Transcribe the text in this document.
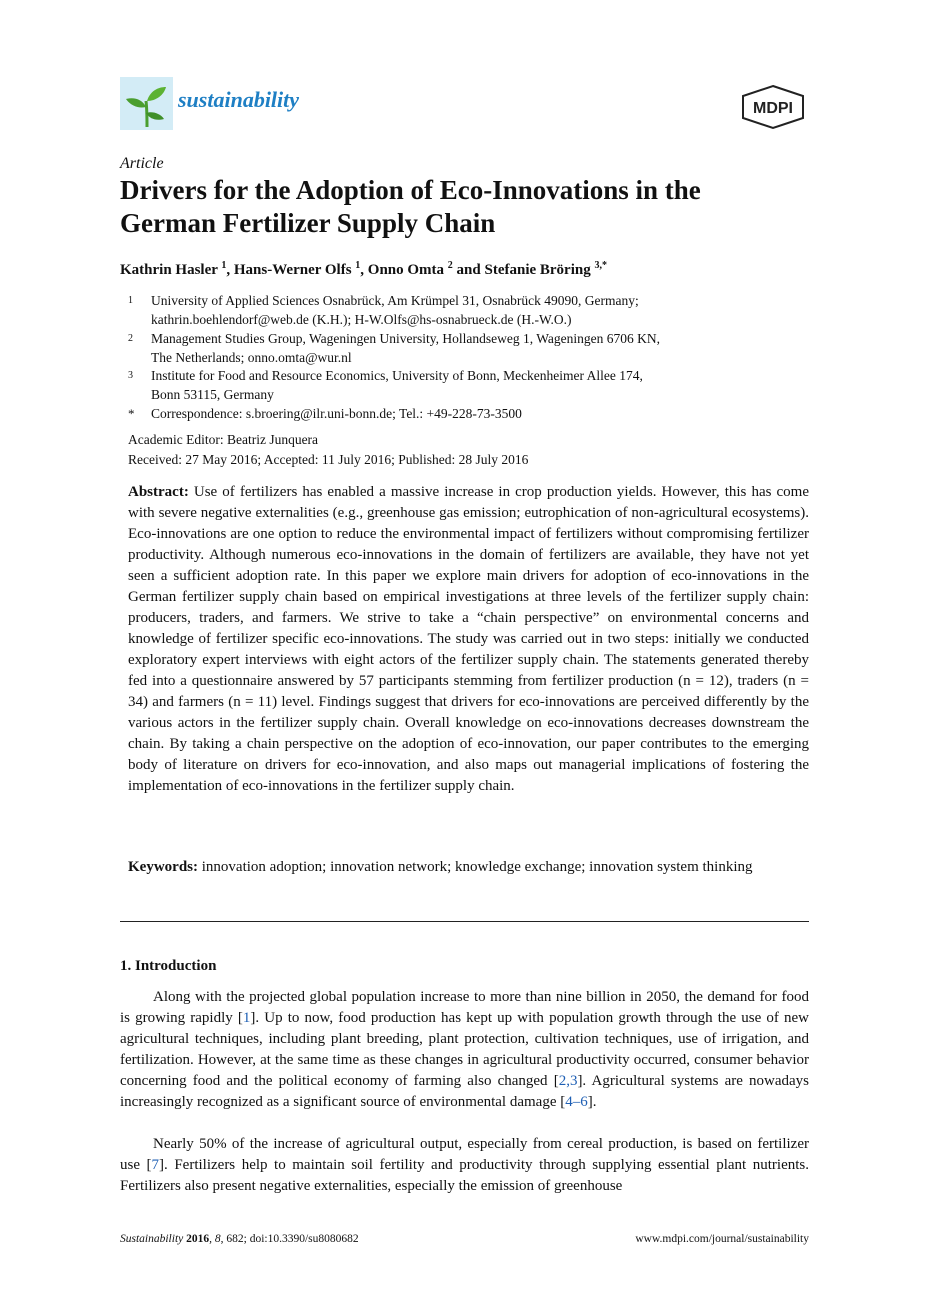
sustainability	MDPI
Article
Drivers for the Adoption of Eco-Innovations in the
German Fertilizer Supply Chain
Kathrin Hasler $^1$, Hans-Werner Olfs $^1$, Onno Omta $^2$ and Stefanie Bröring $^{3,*}$
1 University of Applied Sciences Osnabrück, Am Krümpel 31, Osnabrück 49090, Germany;
kathrin.boehlendorf@web.de (K.H.); H-W.Olfs@hs-osnabrueck.de (H.-W.O.)
2 Management Studies Group, Wageningen University, Hollandseweg 1, Wageningen 6706 KN,
The Netherlands; onno.omta@wur.nl
3 Institute for Food and Resource Economics, University of Bonn, Meckenheimer Allee 174,
Bonn 53115, Germany
* Correspondence: s.broering@ilr.uni-bonn.de; Tel.: +49-228-73-3500
Academic Editor: Beatriz Junquera
Received: 27 May 2016; Accepted: 11 July 2016; Published: 28 July 2016
Abstract: Use of fertilizers has enabled a massive increase in crop production yields. However, this has come with severe negative externalities (e.g., greenhouse gas emission; eutrophication of non-agricultural ecosystems). Eco-innovations are one option to reduce the environmental impact of fertilizers without compromising fertilizer productivity. Although numerous eco-innovations in the domain of fertilizers are available, they have not yet seen a sufficient adoption rate. In this paper we explore main drivers for adoption of eco-innovations in the German fertilizer supply chain based on empirical investigations at three levels of the fertilizer supply chain: producers, traders, and farmers. We strive to take a “chain perspective” on environmental concerns and knowledge of fertilizer specific eco-innovations. The study was carried out in two steps: initially we conducted exploratory expert interviews with eight actors of the fertilizer supply chain. The statements generated thereby fed into a questionnaire answered by 57 participants stemming from fertilizer production (n = 12), traders (n = 34) and farmers (n = 11) level. Findings suggest that drivers for eco-innovations are perceived differently by the various actors in the fertilizer supply chain. Overall knowledge on eco-innovations decreases downstream the chain. By taking a chain perspective on the adoption of eco-innovation, our paper contributes to the emerging body of literature on drivers for eco-innovation, and also maps out managerial implications of fostering the implementation of eco-innovations in the fertilizer supply chain.
Keywords: innovation adoption; innovation network; knowledge exchange; innovation system thinking
1. Introduction
Along with the projected global population increase to more than nine billion in 2050, the demand for food is growing rapidly [1]. Up to now, food production has kept up with population growth through the use of new agricultural techniques, including plant breeding, plant protection, cultivation techniques, use of irrigation, and fertilization. However, at the same time as these changes in agricultural productivity occurred, consumer behavior concerning food and the political economy of farming also changed [2,3]. Agricultural systems are nowadays increasingly recognized as a significant source of environmental damage [4–6].
Nearly 50% of the increase of agricultural output, especially from cereal production, is based on fertilizer use [7]. Fertilizers help to maintain soil fertility and productivity through supplying essential plant nutrients. Fertilizers also present negative externalities, especially the emission of greenhouse
Sustainability 2016, 8, 682; doi:10.3390/su8080682	www.mdpi.com/journal/sustainability
